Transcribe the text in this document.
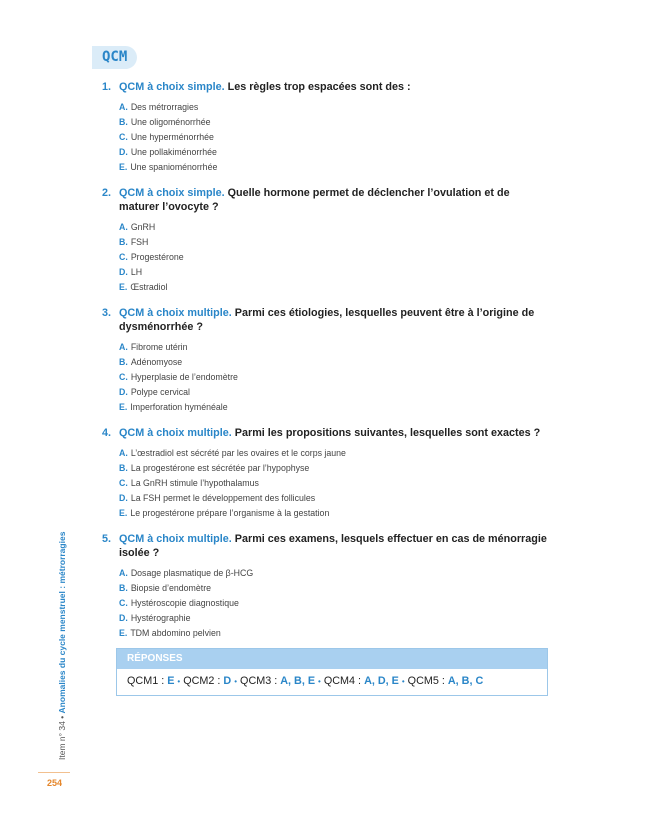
QCM
1. QCM à choix simple. Les règles trop espacées sont des :
A. Des métrorragies
B. Une oligoménorrhée
C. Une hyperménorrhée
D. Une pollakiménorrhée
E. Une spanioménorrhée
2. QCM à choix simple. Quelle hormone permet de déclencher l’ovulation et de maturer l’ovocyte ?
A. GnRH
B. FSH
C. Progestérone
D. LH
E. Œstradiol
3. QCM à choix multiple. Parmi ces étiologies, lesquelles peuvent être à l’origine de dysménorrhée ?
A. Fibrome utérin
B. Adénomyose
C. Hyperplasie de l’endomètre
D. Polype cervical
E. Imperforation hyménéale
4. QCM à choix multiple. Parmi les propositions suivantes, lesquelles sont exactes ?
A. L’œstradiol est sécrété par les ovaires et le corps jaune
B. La progestérone est sécrétée par l’hypophyse
C. La GnRH stimule l’hypothalamus
D. La FSH permet le développement des follicules
E. Le progestérone prépare l’organisme à la gestation
5. QCM à choix multiple. Parmi ces examens, lesquels effectuer en cas de ménorragie isolée ?
A. Dosage plasmatique de β-HCG
B. Biopsie d’endomètre
C. Hystéroscopie diagnostique
D. Hystérographie
E. TDM abdomino pelvien
RÉPONSES
QCM1 : E • QCM2 : D • QCM3 : A, B, E • QCM4 : A, D, E • QCM5 : A, B, C
Item n° 34 • Anomalies du cycle menstruel : métrorragies
254
